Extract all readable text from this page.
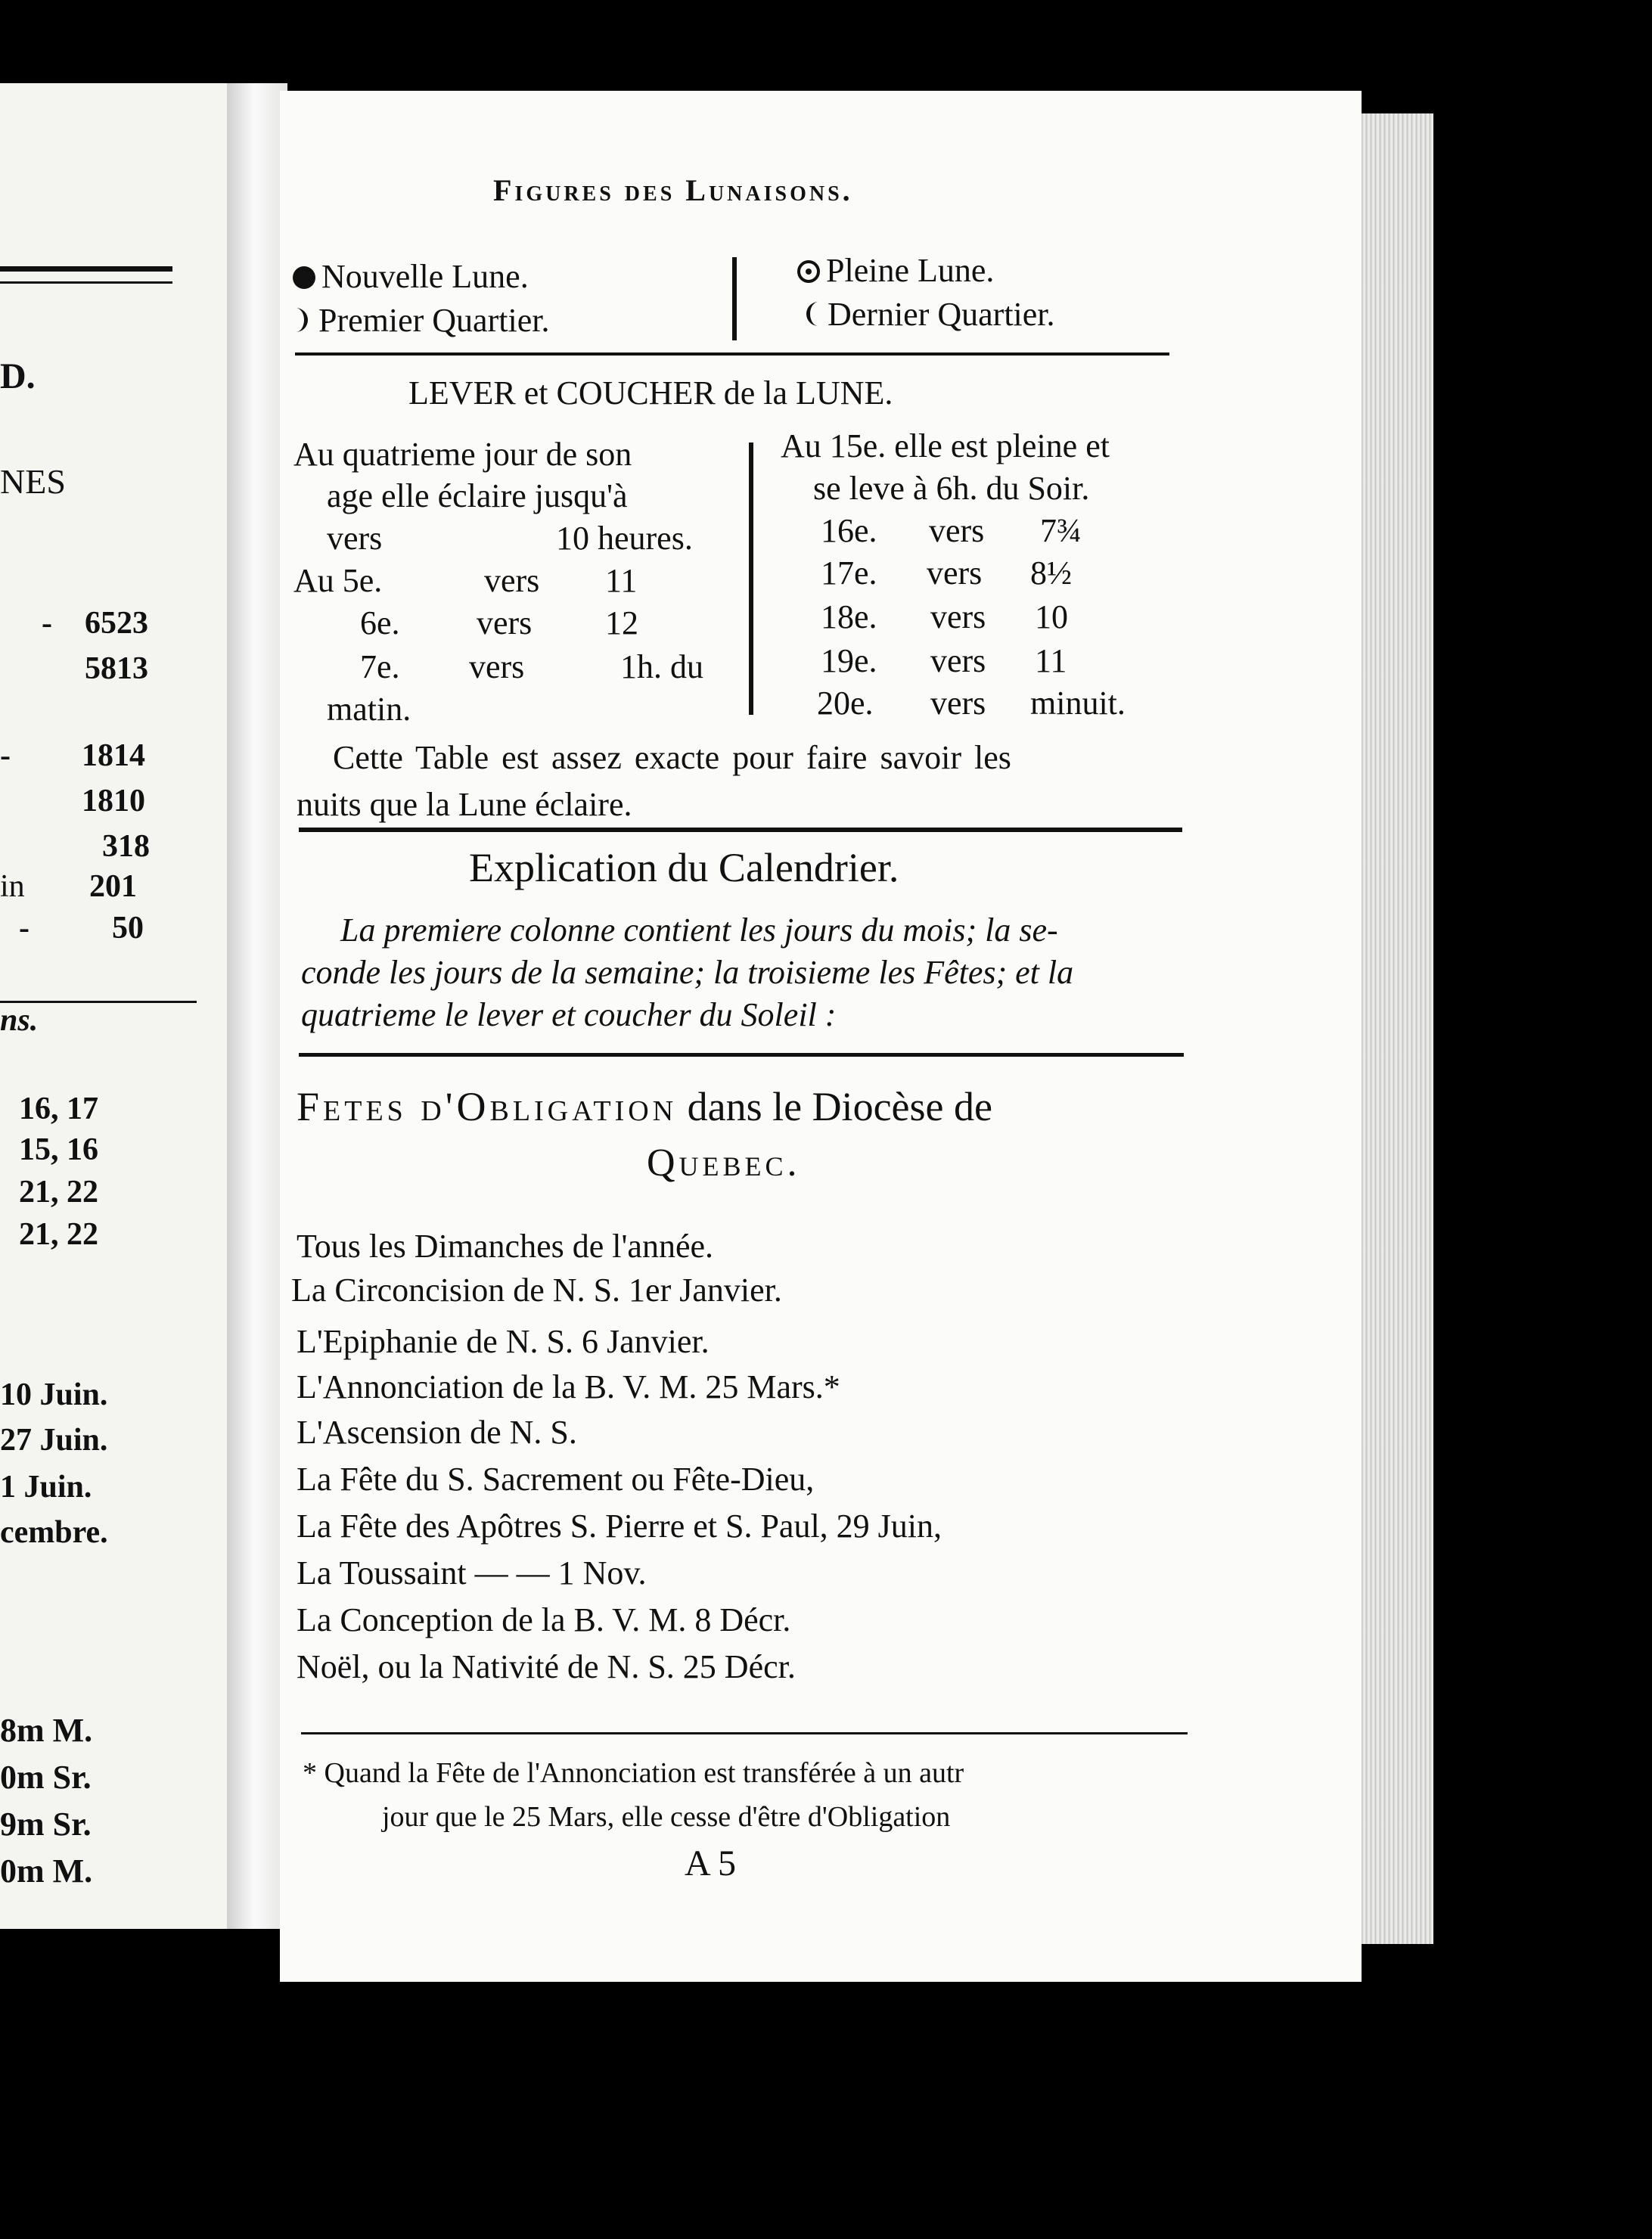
D.
NES
- 6523
5813
- 1814
1810
318
in 201
-	50
ns.
16, 17
15, 16
21, 22
21, 22
10 Juin.
27 Juin.
1 Juin.
cembre.
8m M.
0m Sr.
9m Sr.
0m M.
Figures des Lunaisons.
Nouvelle Lune.
Premier Quartier.
Pleine Lune.
Dernier Quartier.
LEVER et COUCHER de la LUNE.
Au quatrieme jour de son
age elle éclaire jusqu'à
vers	10 heures.
Au 5e.	vers 11
6e. vers 12
7e. vers	1h. du
matin.
Au 15e. elle est pleine et
se leve à 6h. du Soir.
16e. vers 7¾
17e. vers 8½
18e. vers 10
19e. vers 11
20e. vers minuit.
Cette Table est assez exacte pour faire savoir les
nuits que la Lune éclaire.
Explication du Calendrier.
La premiere colonne contient les jours du mois; la se-
conde les jours de la semaine; la troisieme les Fêtes; et la
quatrieme le lever et coucher du Soleil :
Fetes d'Obligation dans le Diocèse de
Quebec.
Tous les Dimanches de l'année.
La Circoncision de N. S. 1er Janvier.
L'Epiphanie de N. S. 6 Janvier.
L'Annonciation de la B. V. M. 25 Mars.*
L'Ascension de N. S.
La Fête du S. Sacrement ou Fête-Dieu,
La Fête des Apôtres S. Pierre et S. Paul, 29 Juin,
La Toussaint — — 1 Nov.
La Conception de la B. V. M. 8 Décr.
Noël, ou la Nativité de N. S. 25 Décr.
* Quand la Fête de l'Annonciation est transférée à un autr
jour que le 25 Mars, elle cesse d'être d'Obligation
A 5
